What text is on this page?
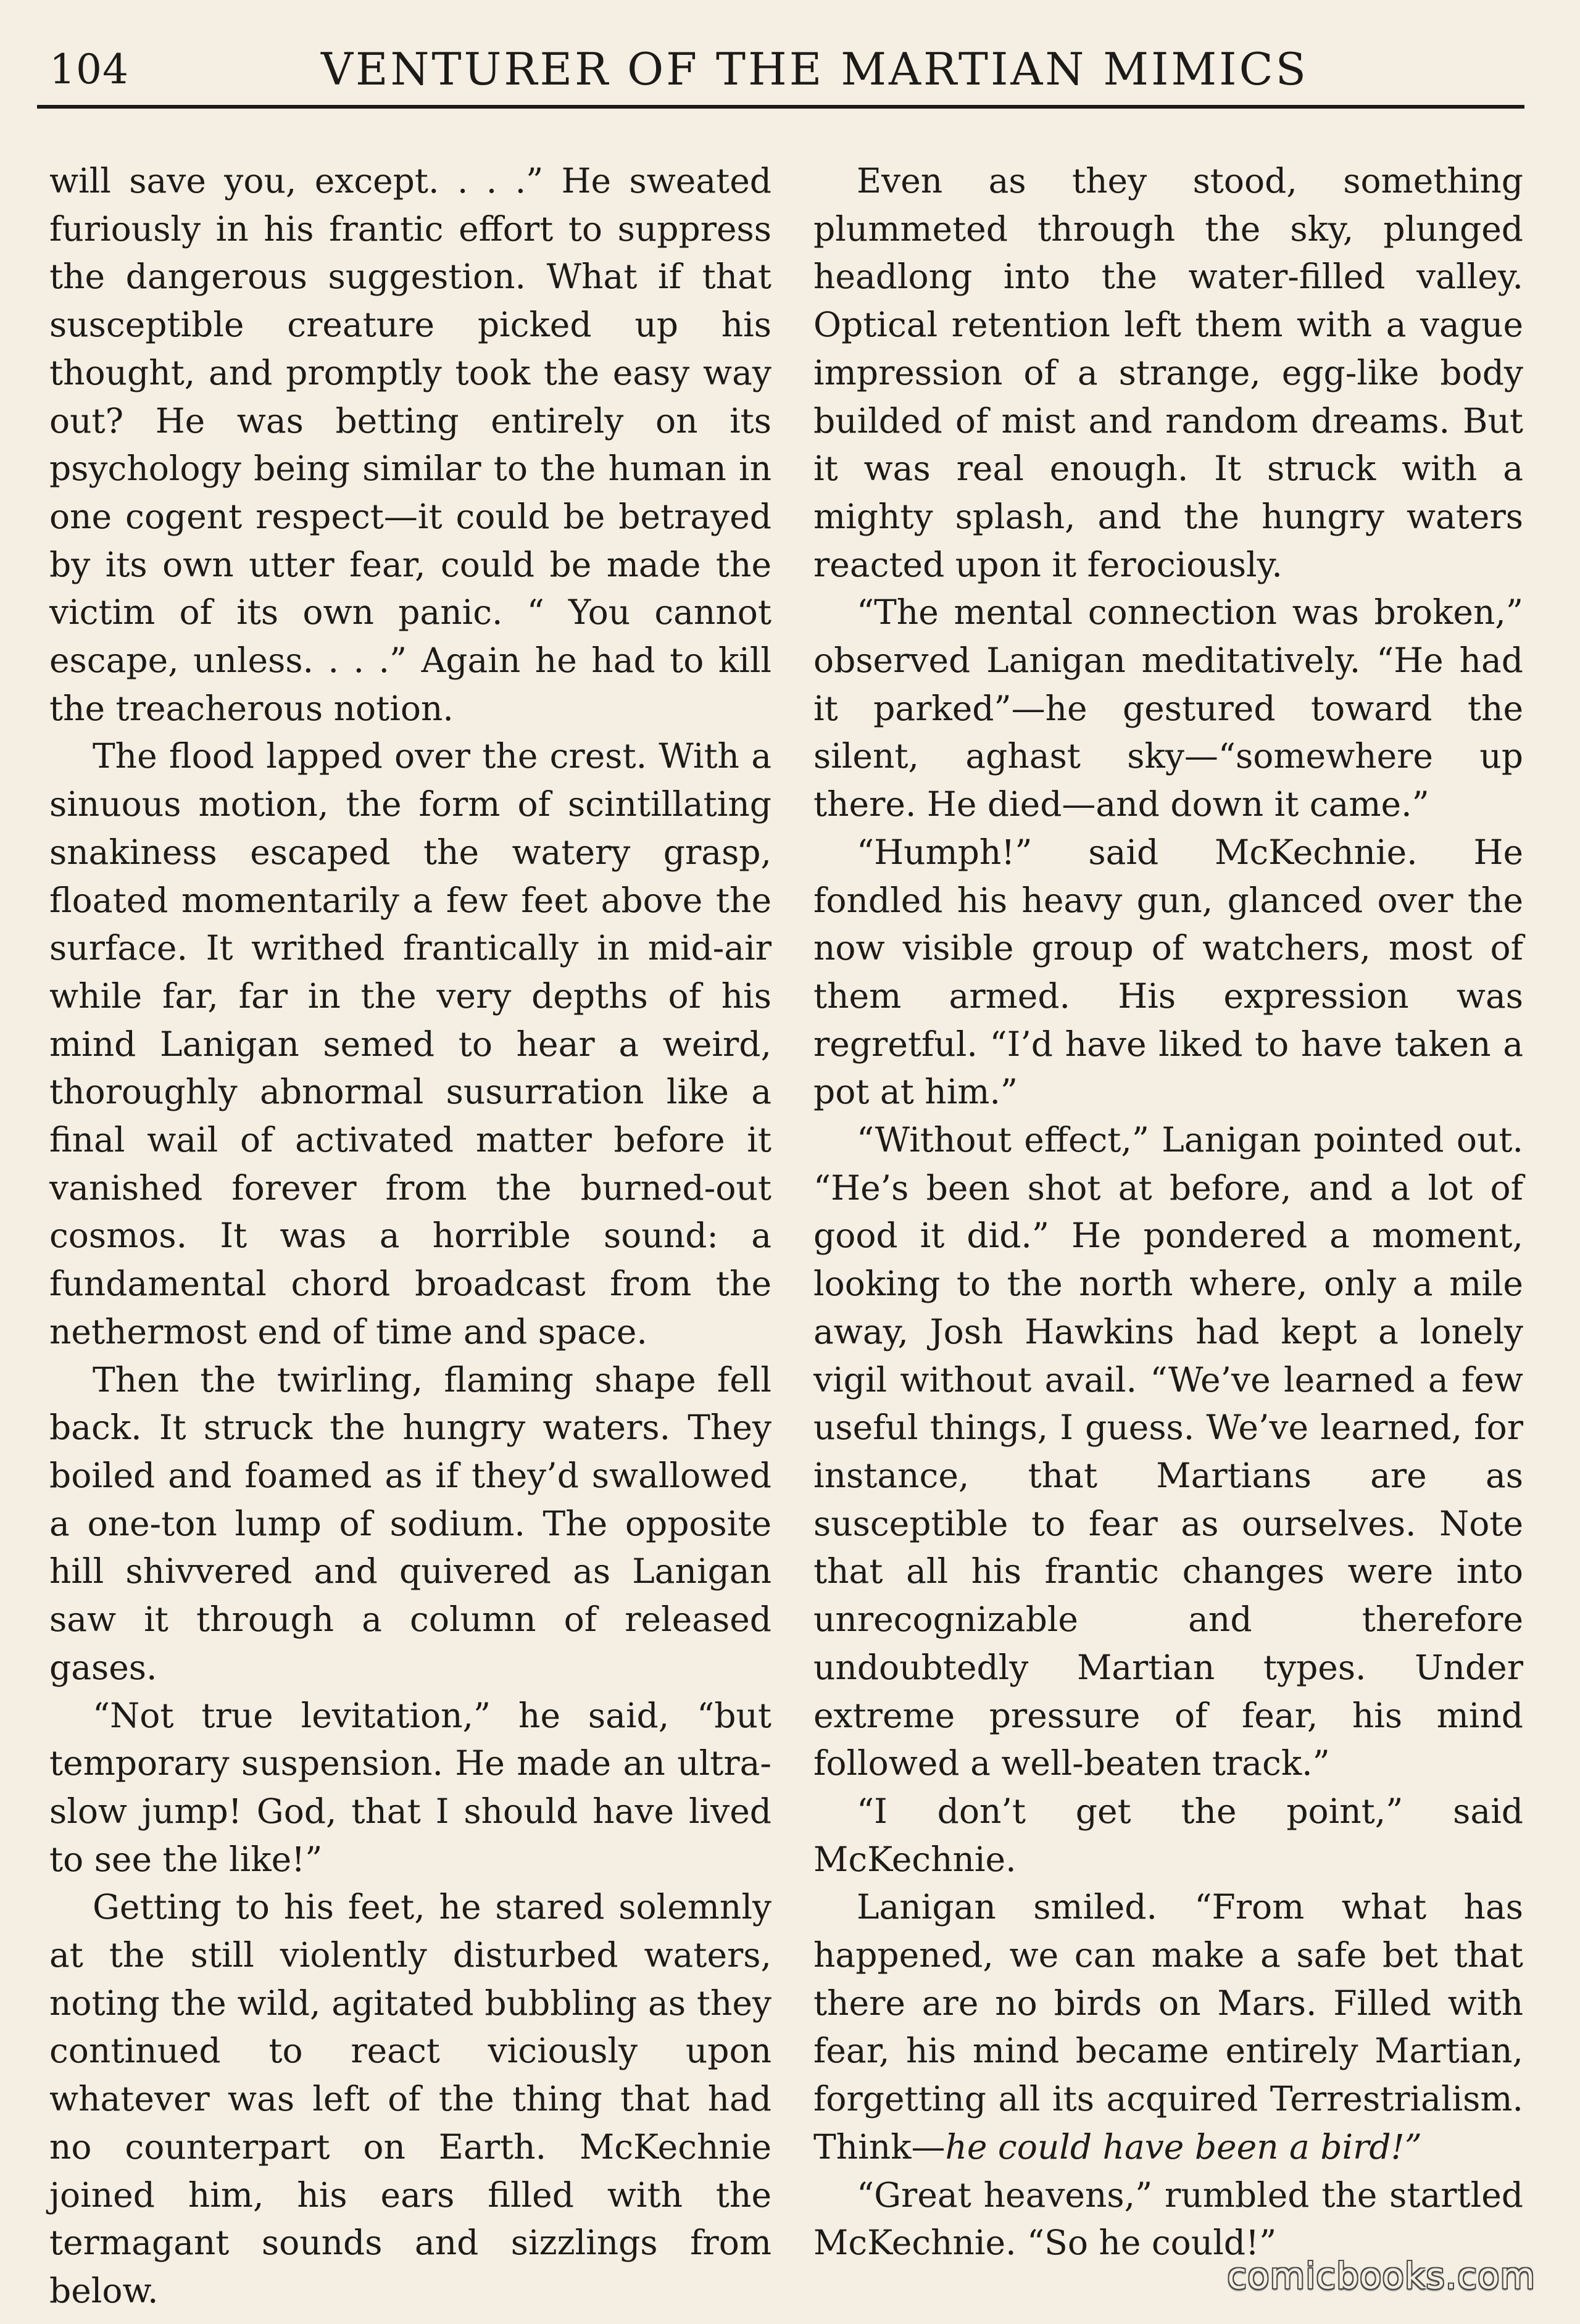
104	VENTURER OF THE MARTIAN MIMICS

will save you, except. . . .” He sweated furiously in his frantic effort to suppress the dangerous suggestion. What if that susceptible creature picked up his thought, and promptly took the easy way out? He was betting entirely on its psychology being similar to the human in one cogent respect—it could be betrayed by its own utter fear, could be made the victim of its own panic. “ You cannot escape, unless. . . .” Again he had to kill the treacherous notion.

The flood lapped over the crest. With a sinuous motion, the form of scintillating snakiness escaped the watery grasp, floated momentarily a few feet above the surface. It writhed frantically in mid-air while far, far in the very depths of his mind Lanigan semed to hear a weird, thoroughly abnormal susurration like a final wail of activated matter before it vanished forever from the burned-out cosmos. It was a horrible sound: a fundamental chord broadcast from the nethermost end of time and space.

Then the twirling, flaming shape fell back. It struck the hungry waters. They boiled and foamed as if they’d swallowed a one-ton lump of sodium. The opposite hill shivvered and quivered as Lanigan saw it through a column of released gases.

“Not true levitation,” he said, “but temporary suspension. He made an ultra-slow jump! God, that I should have lived to see the like!”

Getting to his feet, he stared solemnly at the still violently disturbed waters, noting the wild, agitated bubbling as they continued to react viciously upon whatever was left of the thing that had no counterpart on Earth. McKechnie joined him, his ears filled with the termagant sounds and sizzlings from below.

Even as they stood, something plummeted through the sky, plunged headlong into the water-filled valley. Optical retention left them with a vague impression of a strange, egg-like body builded of mist and random dreams. But it was real enough. It struck with a mighty splash, and the hungry waters reacted upon it ferociously.

“The mental connection was broken,” observed Lanigan meditatively. “He had it parked”—he gestured toward the silent, aghast sky—“somewhere up there. He died—and down it came.”

“Humph!” said McKechnie. He fondled his heavy gun, glanced over the now visible group of watchers, most of them armed. His expression was regretful. “I’d have liked to have taken a pot at him.”

“Without effect,” Lanigan pointed out. “He’s been shot at before, and a lot of good it did.” He pondered a moment, looking to the north where, only a mile away, Josh Hawkins had kept a lonely vigil without avail. “We’ve learned a few useful things, I guess. We’ve learned, for instance, that Martians are as susceptible to fear as ourselves. Note that all his frantic changes were into unrecognizable and therefore undoubtedly Martian types. Under extreme pressure of fear, his mind followed a well-beaten track.”

“I don’t get the point,” said McKechnie.

Lanigan smiled. “From what has happened, we can make a safe bet that there are no birds on Mars. Filled with fear, his mind became entirely Martian, forgetting all its acquired Terrestrialism. Think—he could have been a bird!”

“Great heavens,” rumbled the startled McKechnie. “So he could!”

comicbooks.com
